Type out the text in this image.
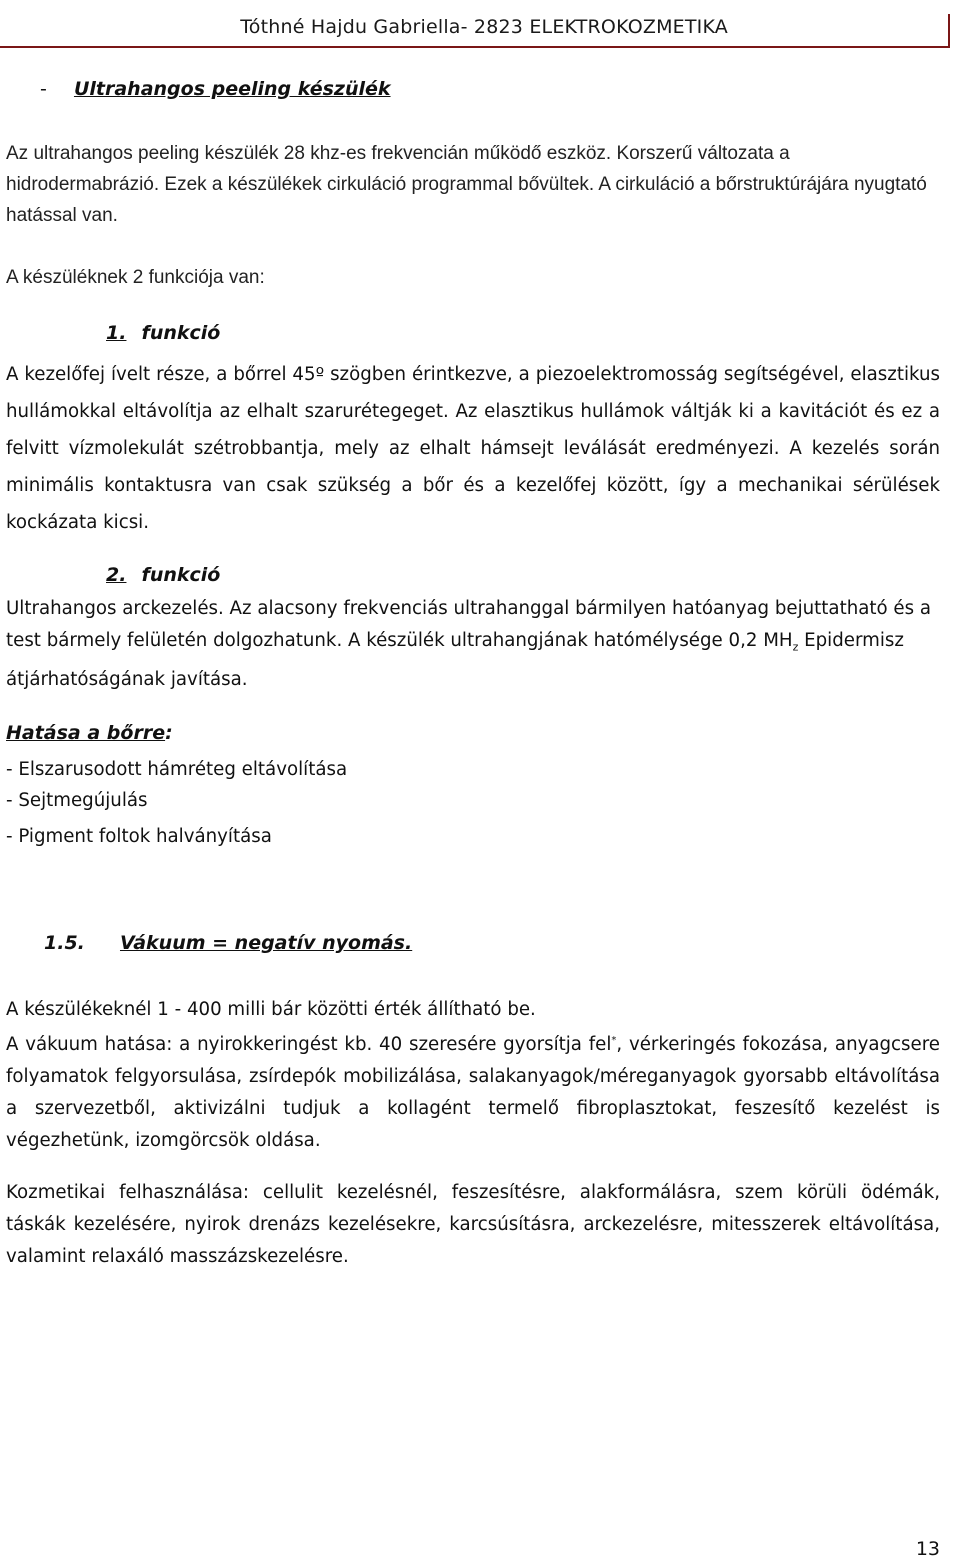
Tóthné Hajdu Gabriella- 2823 ELEKTROKOZMETIKA
- Ultrahangos peeling készülék

Az ultrahangos peeling készülék 28 khz-es frekvencián működő eszköz. Korszerű változata a hidrodermabrázió. Ezek a készülékek cirkuláció programmal bővültek. A cirkuláció a bőrstruktúrájára nyugtató hatással van.

A készüléknek 2 funkciója van:

1. funkció

A kezelőfej ívelt része, a bőrrel 45º szögben érintkezve, a piezoelektromosság segítségével, elasztikus hullámokkal eltávolítja az elhalt szarurétegeget. Az elasztikus hullámok váltják ki a kavitációt és ez a felvitt vízmolekulát szétrobbantja, mely az elhalt hámsejt leválását eredményezi. A kezelés során minimális kontaktusra van csak szükség a bőr és a kezelőfej között, így a mechanikai sérülések kockázata kicsi.

2. funkció

Ultrahangos arckezelés. Az alacsony frekvenciás ultrahanggal bármilyen hatóanyag bejuttatható és a test bármely felületén dolgozhatunk. A készülék ultrahangjának hatómélysége 0,2 $MH_z$ Epidermisz átjárhatóságának javítása.

Hatása a bőrre:

- Elszarusodott hámréteg eltávolítása

- Sejtmegújulás

- Pigment foltok halványítása

1.5. Vákuum = negatív nyomás.

A készülékeknél 1 - 400 milli bár közötti érték állítható be.

A vákuum hatása: a nyirokkeringést kb. 40 szeresére gyorsítja fel*, vérkeringés fokozása, anyagcsere folyamatok felgyorsulása, zsírdepók mobilizálása, salakanyagok/méreganyagok gyorsabb eltávolítása a szervezetből, aktivizálni tudjuk a kollagént termelő fibroplasztokat, feszesítő kezelést is végezhetünk, izomgörcsök oldása.

Kozmetikai felhasználása: cellulit kezelésnél, feszesítésre, alakformálásra, szem körüli ödémák, táskák kezelésére, nyirok drenázs kezelésekre, karcsúsításra, arckezelésre, mitesszerek eltávolítása, valamint relaxáló masszázskezelésre.

13
